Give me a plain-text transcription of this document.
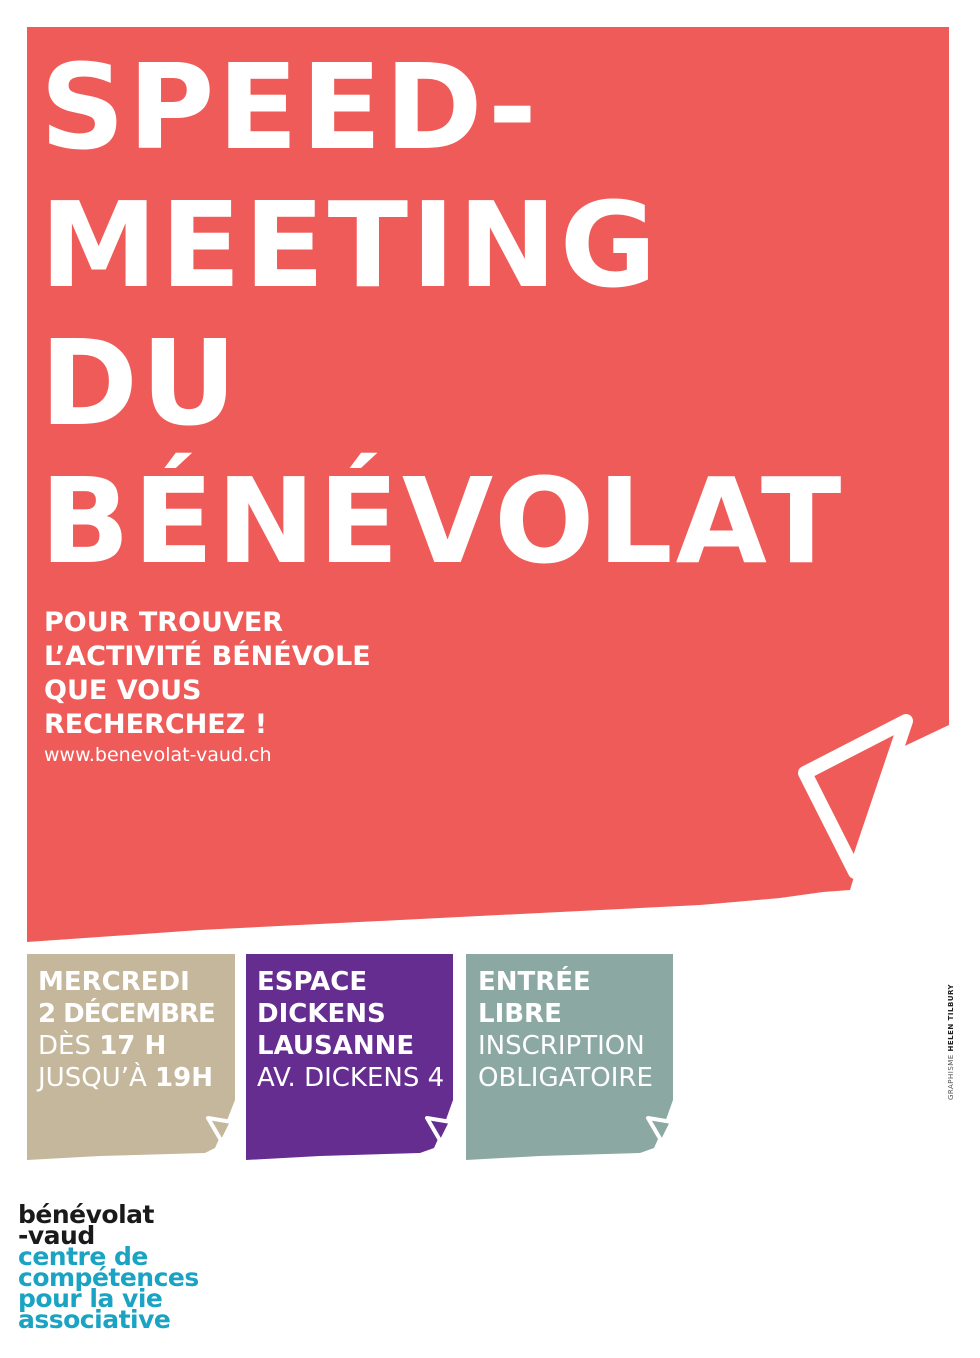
SPEED-
MEETING
DU
BÉNÉVOLAT
POUR TROUVER
L’ACTIVITÉ BÉNÉVOLE
QUE VOUS
RECHERCHEZ !
www.benevolat-vaud.ch
MERCREDI
2 DÉCEMBRE
DÈS 17 H
JUSQU’À 19H
ESPACE
DICKENS
LAUSANNE
AV. DICKENS 4
ENTRÉE
LIBRE
INSCRIPTION
OBLIGATOIRE	GRAPHISME HELEN TILBURY
bénévolat
-vaud
centre de
compétences
pour la vie
associative
